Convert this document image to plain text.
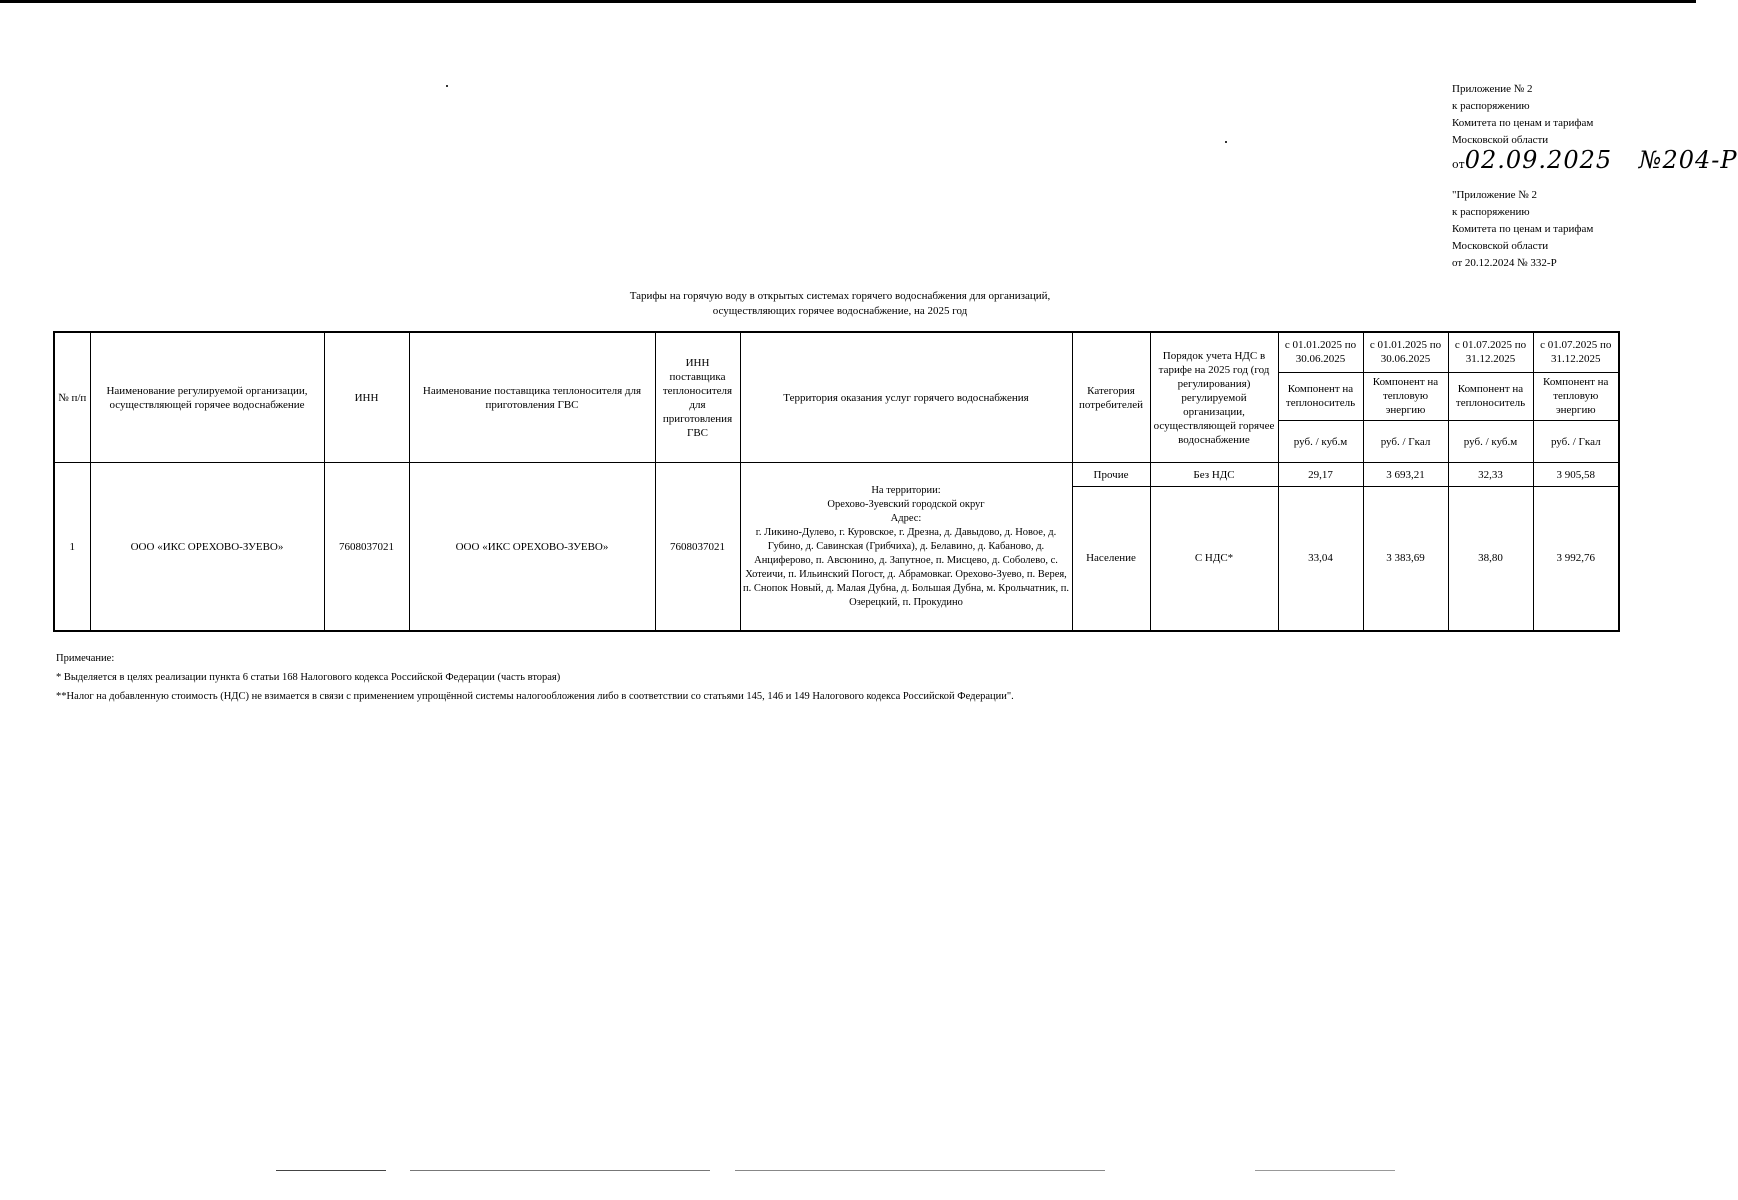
Приложение № 2
к распоряжению
Комитета по ценам и тарифам
Московской области
от02.09.2025 №204-Р
"Приложение № 2
к распоряжению
Комитета по ценам и тарифам
Московской области
от 20.12.2024 № 332-Р
Тарифы на горячую воду в открытых системах горячего водоснабжения для организаций,
осуществляющих горячее водоснабжение, на 2025 год
№ п/п	Наименование регулируемой организации, осуществляющей горячее водоснабжение	ИНН	Наименование поставщика теплоносителя для приготовления ГВС	ИНН поставщика теплоносителя для приготовления ГВС	Территория оказания услуг горячего водоснабжения	Категория потребителей	Порядок учета НДС в тарифе на 2025 год (год регулирования) регулируемой организации, осуществляющей горячее водоснабжение	с 01.01.2025 по 30.06.2025	с 01.01.2025 по 30.06.2025	с 01.07.2025 по 31.12.2025	с 01.07.2025 по 31.12.2025
								Компонент на теплоноситель	Компонент на тепловую энергию	Компонент на теплоноситель	Компонент на тепловую энергию
								руб. / куб.м	руб. / Гкал	руб. / куб.м	руб. / Гкал
1	ООО «ИКС ОРЕХОВО-ЗУЕВО»	7608037021	ООО «ИКС ОРЕХОВО-ЗУЕВО»	7608037021	На территории:
Орехово-Зуевский городской округ
Адрес:
г. Ликино-Дулево, г. Куровское, г. Дрезна, д. Давыдово, д. Новое, д. Губино, д. Савинская (Грибчиха), д. Белавино, д. Кабаново, д. Анциферово, п. Авсюнино, д. Запутное, п. Мисцево, д. Соболево, с. Хотеичи, п. Ильинский Погост, д. Абрамовкаг. Орехово-Зуево, п. Верея, п. Снопок Новый, д. Малая Дубна, д. Большая Дубна, м. Крольчатник, п. Озерецкий, п. Прокудино	Прочие	Без НДС	29,17	3 693,21	32,33	3 905,58
						Население	С НДС*	33,04	3 383,69	38,80	3 992,76
Примечание:
* Выделяется в целях реализации пункта 6 статьи 168 Налогового кодекса Российской Федерации (часть вторая)
**Налог на добавленную стоимость (НДС) не взимается в связи с применением упрощённой системы налогообложения либо в соответствии со статьями 145, 146 и 149 Налогового кодекса Российской Федерации".
